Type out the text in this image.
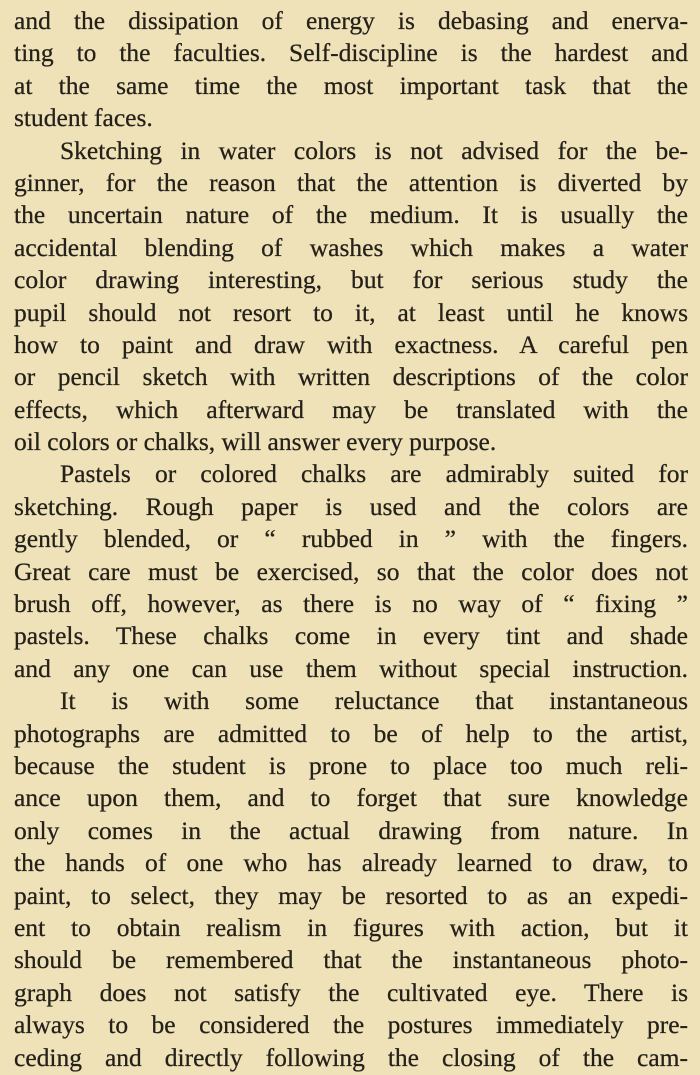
and the dissipation of energy is debasing and enerva-
ting to the faculties. Self-discipline is the hardest and
at the same time the most important task that the
student faces.
Sketching in water colors is not advised for the be-
ginner, for the reason that the attention is diverted by
the uncertain nature of the medium. It is usually the
accidental blending of washes which makes a water
color drawing interesting, but for serious study the
pupil should not resort to it, at least until he knows
how to paint and draw with exactness. A careful pen
or pencil sketch with written descriptions of the color
effects, which afterward may be translated with the
oil colors or chalks, will answer every purpose.
Pastels or colored chalks are admirably suited for
sketching. Rough paper is used and the colors are
gently blended, or “ rubbed in ” with the fingers.
Great care must be exercised, so that the color does not
brush off, however, as there is no way of “ fixing ”
pastels. These chalks come in every tint and shade
and any one can use them without special instruction.
It is with some reluctance that instantaneous
photographs are admitted to be of help to the artist,
because the student is prone to place too much reli-
ance upon them, and to forget that sure knowledge
only comes in the actual drawing from nature. In
the hands of one who has already learned to draw, to
paint, to select, they may be resorted to as an expedi-
ent to obtain realism in figures with action, but it
should be remembered that the instantaneous photo-
graph does not satisfy the cultivated eye. There is
always to be considered the postures immediately pre-
ceding and directly following the closing of the cam-
